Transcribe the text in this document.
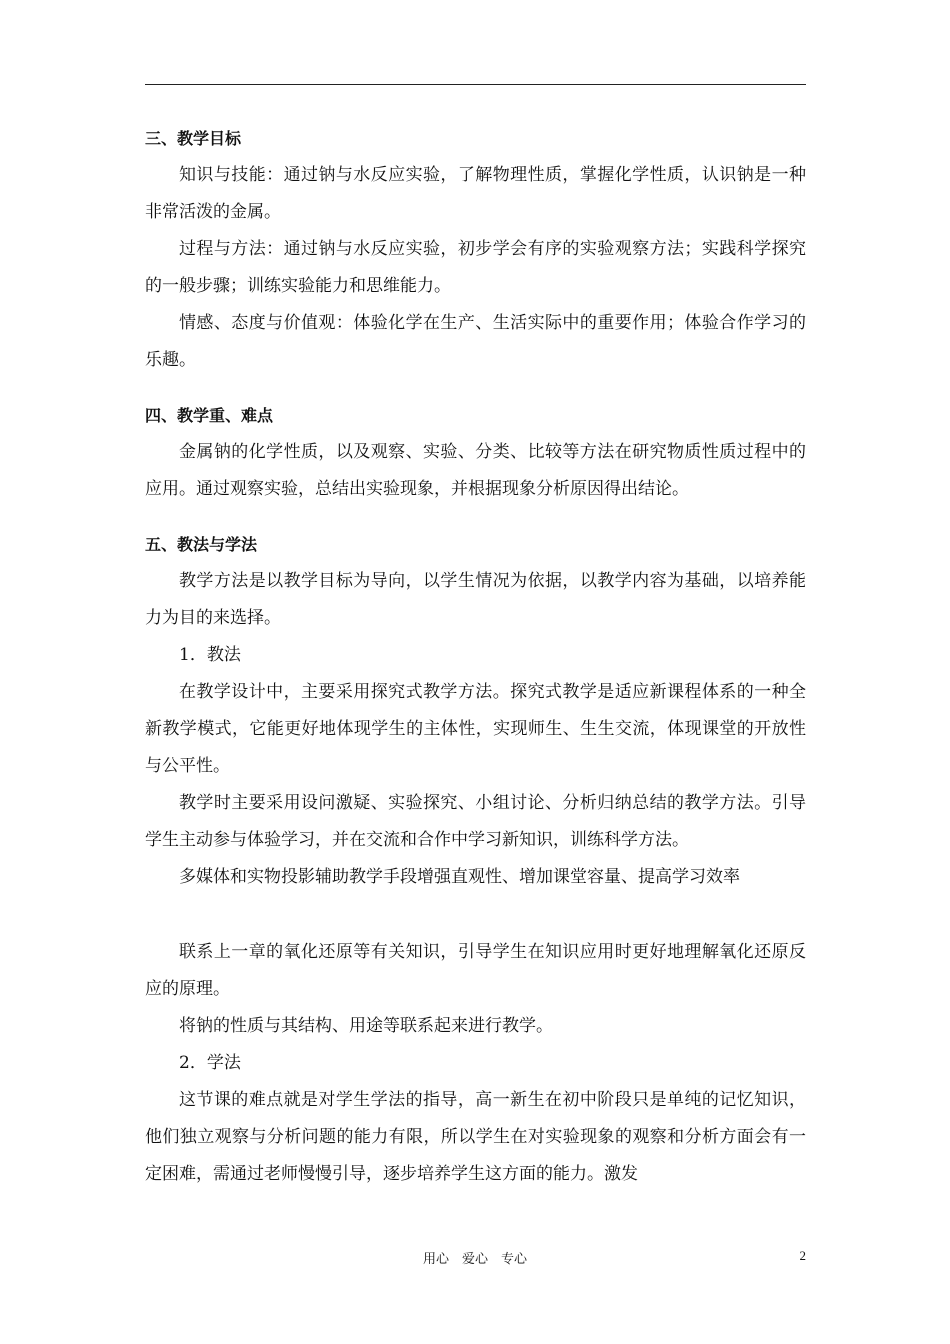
三、教学目标

知识与技能：通过钠与水反应实验，了解物理性质，掌握化学性质，认识钠是一种非常活泼的金属。

过程与方法：通过钠与水反应实验，初步学会有序的实验观察方法；实践科学探究的一般步骤；训练实验能力和思维能力。

情感、态度与价值观：体验化学在生产、生活实际中的重要作用；体验合作学习的乐趣。

四、教学重、难点

金属钠的化学性质，以及观察、实验、分类、比较等方法在研究物质性质过程中的应用。通过观察实验，总结出实验现象，并根据现象分析原因得出结论。

五、教法与学法

教学方法是以教学目标为导向，以学生情况为依据，以教学内容为基础，以培养能力为目的来选择。

1．教法

在教学设计中，主要采用探究式教学方法。探究式教学是适应新课程体系的一种全新教学模式，它能更好地体现学生的主体性，实现师生、生生交流，体现课堂的开放性与公平性。

教学时主要采用设问激疑、实验探究、小组讨论、分析归纳总结的教学方法。引导学生主动参与体验学习，并在交流和合作中学习新知识，训练科学方法。

多媒体和实物投影辅助教学手段增强直观性、增加课堂容量、提高学习效率

联系上一章的氧化还原等有关知识，引导学生在知识应用时更好地理解氧化还原反应的原理。

将钠的性质与其结构、用途等联系起来进行教学。

2．学法

这节课的难点就是对学生学法的指导，高一新生在初中阶段只是单纯的记忆知识，他们独立观察与分析问题的能力有限，所以学生在对实验现象的观察和分析方面会有一定困难，需通过老师慢慢引导，逐步培养学生这方面的能力。激发

用心　爱心　专心	2
